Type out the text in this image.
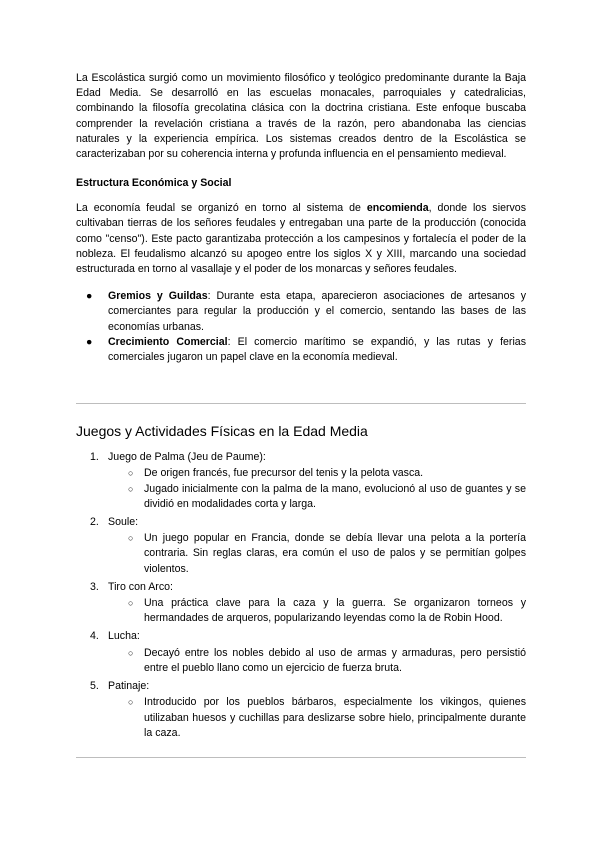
La Escolástica surgió como un movimiento filosófico y teológico predominante durante la Baja Edad Media. Se desarrolló en las escuelas monacales, parroquiales y catedralicias, combinando la filosofía grecolatina clásica con la doctrina cristiana. Este enfoque buscaba comprender la revelación cristiana a través de la razón, pero abandonaba las ciencias naturales y la experiencia empírica. Los sistemas creados dentro de la Escolástica se caracterizaban por su coherencia interna y profunda influencia en el pensamiento medieval.

Estructura Económica y Social

La economía feudal se organizó en torno al sistema de encomienda, donde los siervos cultivaban tierras de los señores feudales y entregaban una parte de la producción (conocida como "censo"). Este pacto garantizaba protección a los campesinos y fortalecía el poder de la nobleza. El feudalismo alcanzó su apogeo entre los siglos X y XIII, marcando una sociedad estructurada en torno al vasallaje y el poder de los monarcas y señores feudales.

● Gremios y Guildas: Durante esta etapa, aparecieron asociaciones de artesanos y comerciantes para regular la producción y el comercio, sentando las bases de las economías urbanas.
● Crecimiento Comercial: El comercio marítimo se expandió, y las rutas y ferias comerciales jugaron un papel clave en la economía medieval.
Juegos y Actividades Físicas en la Edad Media
1. Juego de Palma (Jeu de Paume):
○ De origen francés, fue precursor del tenis y la pelota vasca.
○ Jugado inicialmente con la palma de la mano, evolucionó al uso de guantes y se dividió en modalidades corta y larga.
2. Soule:
○ Un juego popular en Francia, donde se debía llevar una pelota a la portería contraria. Sin reglas claras, era común el uso de palos y se permitían golpes violentos.
3. Tiro con Arco:
○ Una práctica clave para la caza y la guerra. Se organizaron torneos y hermandades de arqueros, popularizando leyendas como la de Robin Hood.
4. Lucha:
○ Decayó entre los nobles debido al uso de armas y armaduras, pero persistió entre el pueblo llano como un ejercicio de fuerza bruta.
5. Patinaje:
○ Introducido por los pueblos bárbaros, especialmente los vikingos, quienes utilizaban huesos y cuchillas para deslizarse sobre hielo, principalmente durante la caza.
